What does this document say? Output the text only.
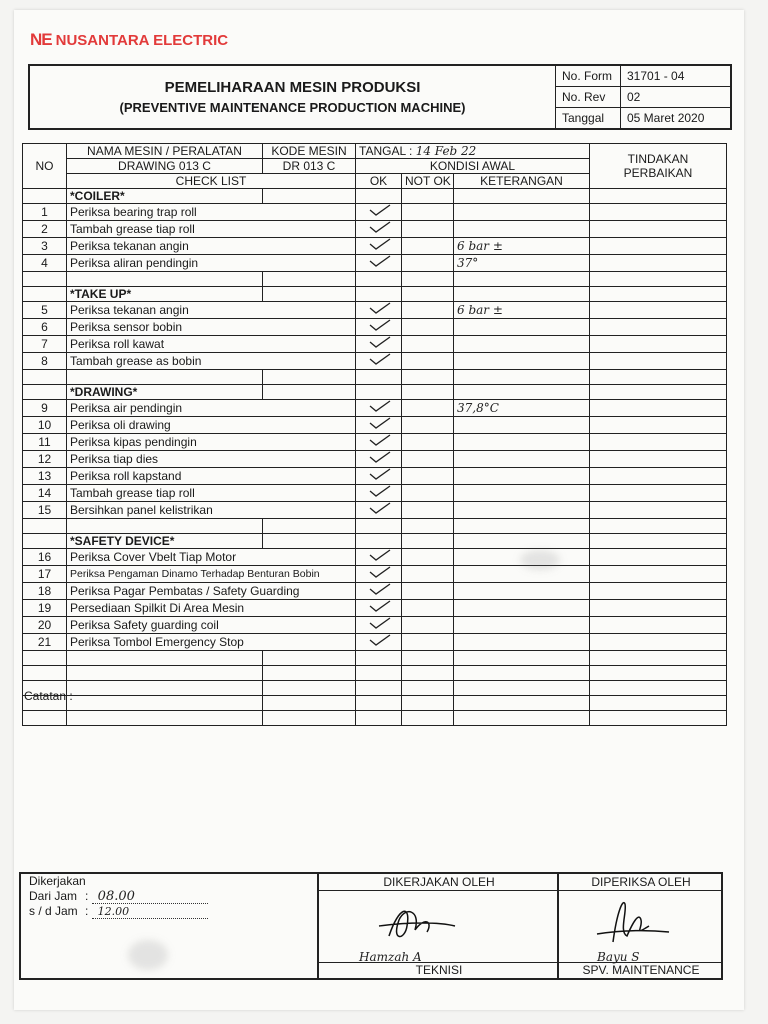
NE NUSANTARA ELECTRIC
PEMELIHARAAN MESIN PRODUKSI
(PREVENTIVE MAINTENANCE PRODUCTION MACHINE)
No. Form	31701 - 04
No. Rev	02
Tanggal	05 Maret 2020
NO	NAMA MESIN / PERALATAN	KODE MESIN	TANGAL : 14 Feb 22			TINDAKAN
PERBAIKAN

	DRAWING 013 C	DR 013 C	KONDISI AWAL			
	CHECK LIST		OK	NOT OK	KETERANGAN	
	*COILER*					
1	Periksa bearing trap roll				
2	Tambah grease tiap roll				
3	Periksa tekanan angin				6 bar ±	
4	Periksa aliran pendingin				37°	

	*TAKE UP*					
5	Periksa tekanan angin				6 bar ±	
6	Periksa sensor bobin				
7	Periksa roll kawat				
8	Tambah grease as bobin				

	*DRAWING*					
9	Periksa air pendingin				37,8°C	
10	Periksa oli drawing				
11	Periksa kipas pendingin				
12	Periksa tiap dies				
13	Periksa roll kapstand				
14	Tambah grease tiap roll				
15	Bersihkan panel kelistrikan				

	*SAFETY DEVICE*					
16	Periksa Cover Vbelt Tiap Motor				
17	Periksa Pengaman Dinamo Terhadap Benturan Bobin				
18	Periksa Pagar Pembatas / Safety Guarding				
19	Persediaan Spilkit Di Area Mesin				
20	Periksa Safety guarding coil				
21	Periksa Tombol Emergency Stop				

Catatan :
Dikerjakan
Dari Jam : 08.00
s / d Jam : 12.00
DIKERJAKAN OLEH
Hamzah A
TEKNISI
DIPERIKSA OLEH
Bayu S
SPV. MAINTENANCE
